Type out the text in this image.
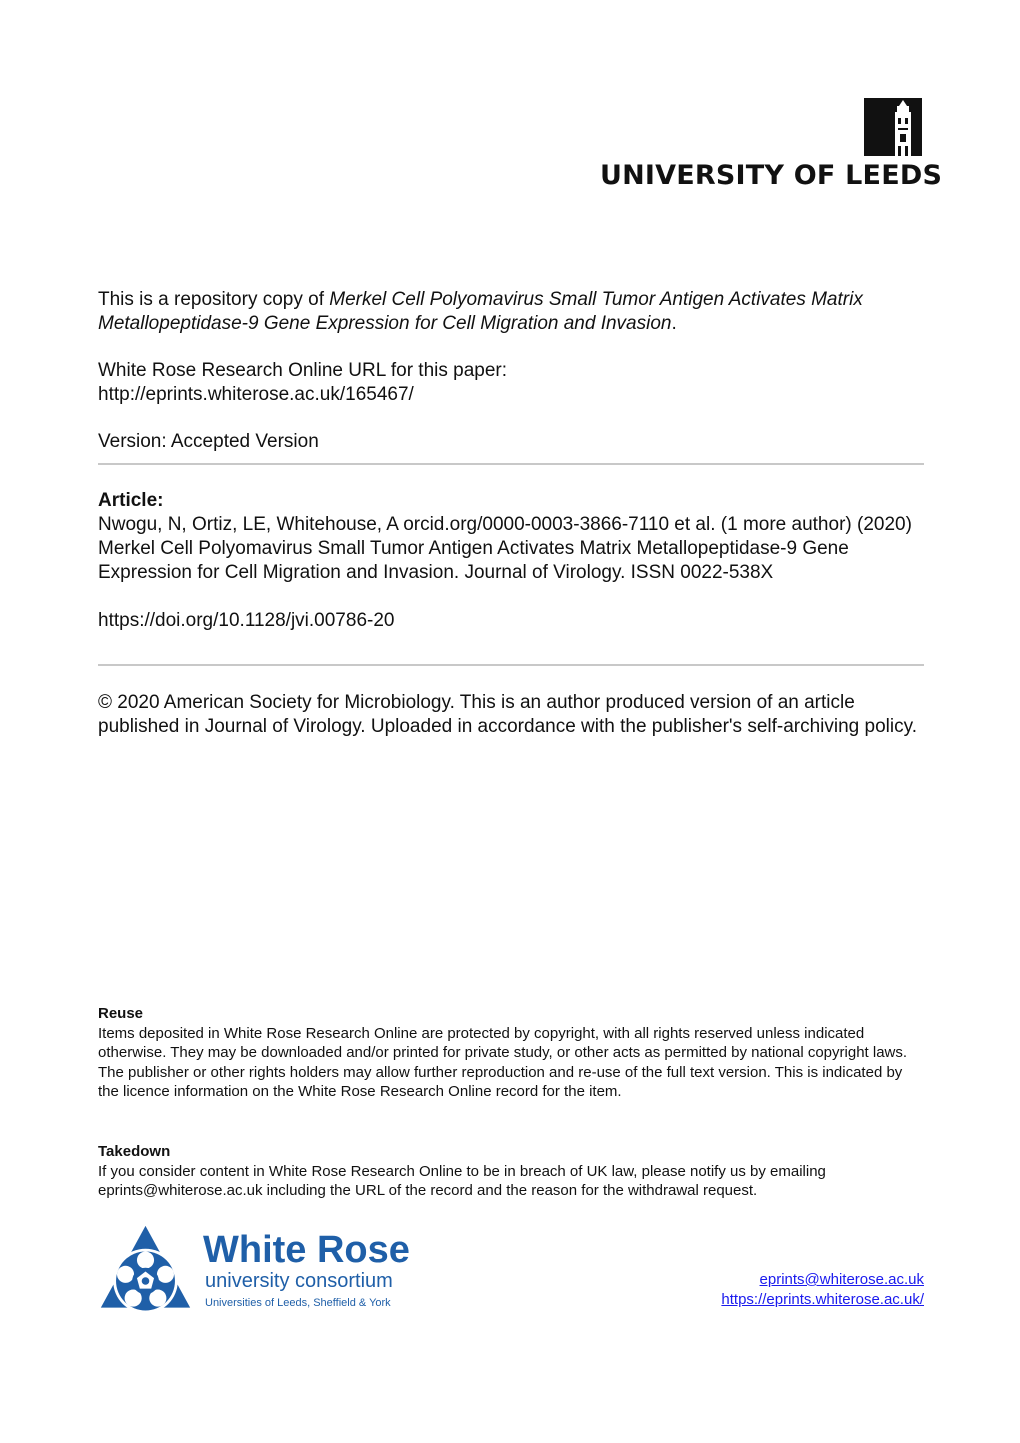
UNIVERSITY OF LEEDS
This is a repository copy of Merkel Cell Polyomavirus Small Tumor Antigen Activates Matrix Metallopeptidase-9 Gene Expression for Cell Migration and Invasion.
White Rose Research Online URL for this paper:
http://eprints.whiterose.ac.uk/165467/
Version: Accepted Version
Article:
Nwogu, N, Ortiz, LE, Whitehouse, A orcid.org/0000-0003-3866-7110 et al. (1 more author) (2020) Merkel Cell Polyomavirus Small Tumor Antigen Activates Matrix Metallopeptidase-9 Gene Expression for Cell Migration and Invasion. Journal of Virology. ISSN 0022-538X
https://doi.org/10.1128/jvi.00786-20
© 2020 American Society for Microbiology. This is an author produced version of an article published in Journal of Virology. Uploaded in accordance with the publisher's self-archiving policy.
Reuse
Items deposited in White Rose Research Online are protected by copyright, with all rights reserved unless indicated otherwise. They may be downloaded and/or printed for private study, or other acts as permitted by national copyright laws. The publisher or other rights holders may allow further reproduction and re-use of the full text version. This is indicated by the licence information on the White Rose Research Online record for the item.
Takedown
If you consider content in White Rose Research Online to be in breach of UK law, please notify us by emailing eprints@whiterose.ac.uk including the URL of the record and the reason for the withdrawal request.
White Rose
university consortium
Universities of Leeds, Sheffield & York
eprints@whiterose.ac.uk
https://eprints.whiterose.ac.uk/
